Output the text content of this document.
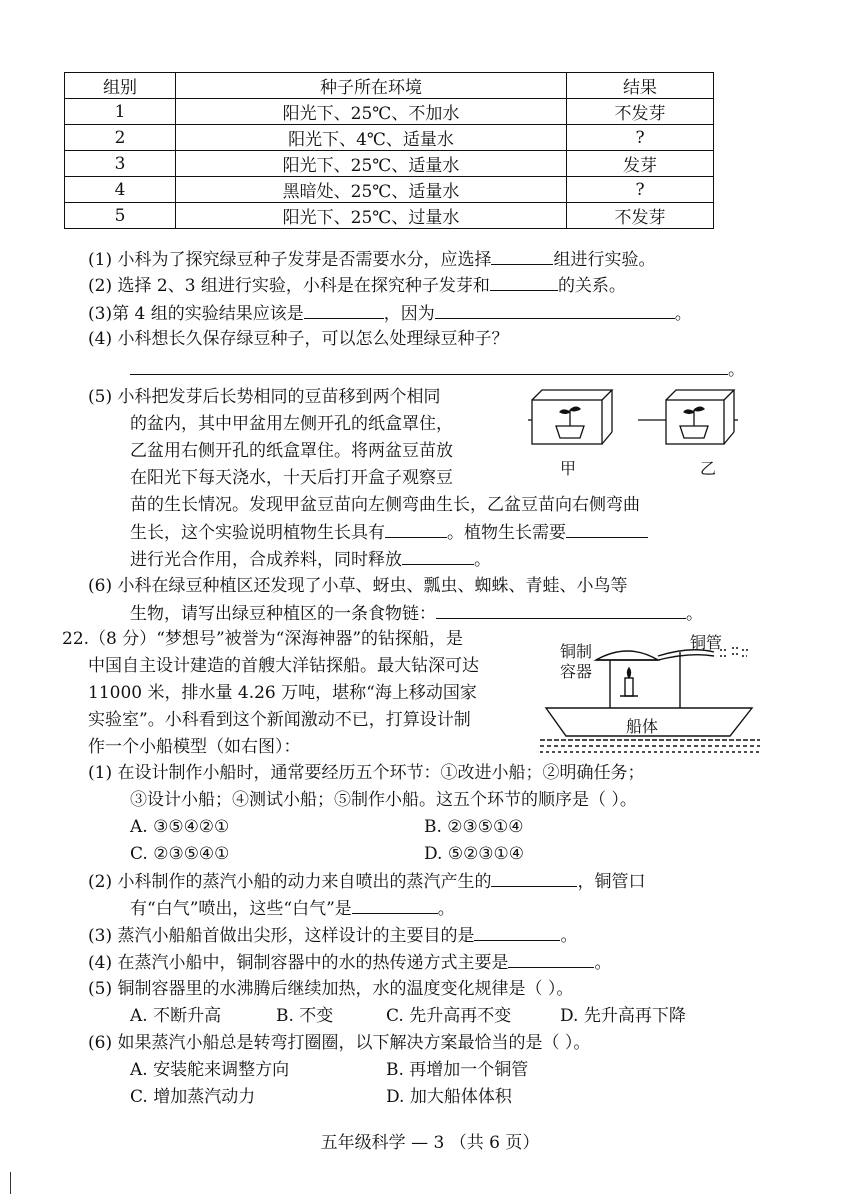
组别	种子所在环境	结果
1	阳光下、25℃、不加水	不发芽
2	阳光下、4℃、适量水	?
3	阳光下、25℃、适量水	发芽
4	黑暗处、25℃、适量水	?
5	阳光下、25℃、过量水	不发芽
(1) 小科为了探究绿豆种子发芽是否需要水分，应选择	组进行实验。
(2) 选择 2、3 组进行实验，小科是在探究种子发芽和	的关系。
(3)第 4 组的实验结果应该是	，因为	。
(4) 小科想长久保存绿豆种子，可以怎么处理绿豆种子？
。
(5) 小科把发芽后长势相同的豆苗移到两个相同
的盆内，其中甲盆用左侧开孔的纸盒罩住，
乙盆用右侧开孔的纸盒罩住。将两盆豆苗放
在阳光下每天浇水，十天后打开盒子观察豆
苗的生长情况。发现甲盆豆苗向左侧弯曲生长，乙盆豆苗向右侧弯曲
生长，这个实验说明植物生长具有	。植物生长需要
进行光合作用，合成养料，同时释放	。
甲	乙
(6) 小科在绿豆种植区还发现了小草、蚜虫、瓢虫、蜘蛛、青蛙、小鸟等
生物，请写出绿豆种植区的一条食物链：	。
22.（8 分）“梦想号”被誉为“深海神器”的钻探船，是
中国自主设计建造的首艘大洋钻探船。最大钻深可达
11000 米，排水量 4.26 万吨，堪称“海上移动国家
实验室”。小科看到这个新闻激动不已，打算设计制
作一个小船模型（如右图）：
铜管
铜制
容器
船体
(1) 在设计制作小船时，通常要经历五个环节：①改进小船；②明确任务；
③设计小船；④测试小船；⑤制作小船。这五个环节的顺序是（ ）。
A. ③⑤④②①	B. ②③⑤①④
C. ②③⑤④①	D. ⑤②③①④
(2) 小科制作的蒸汽小船的动力来自喷出的蒸汽产生的	，铜管口
有“白气”喷出，这些“白气”是	。
(3) 蒸汽小船船首做出尖形，这样设计的主要目的是	。
(4) 在蒸汽小船中，铜制容器中的水的热传递方式主要是	。
(5) 铜制容器里的水沸腾后继续加热，水的温度变化规律是（ ）。
A. 不断升高	B. 不变	C. 先升高再不变	D. 先升高再下降
(6) 如果蒸汽小船总是转弯打圈圈，以下解决方案最恰当的是（ ）。
A. 安装舵来调整方向	B. 再增加一个铜管
C. 增加蒸汽动力	D. 加大船体体积
五年级科学 — 3 （共 6 页）
